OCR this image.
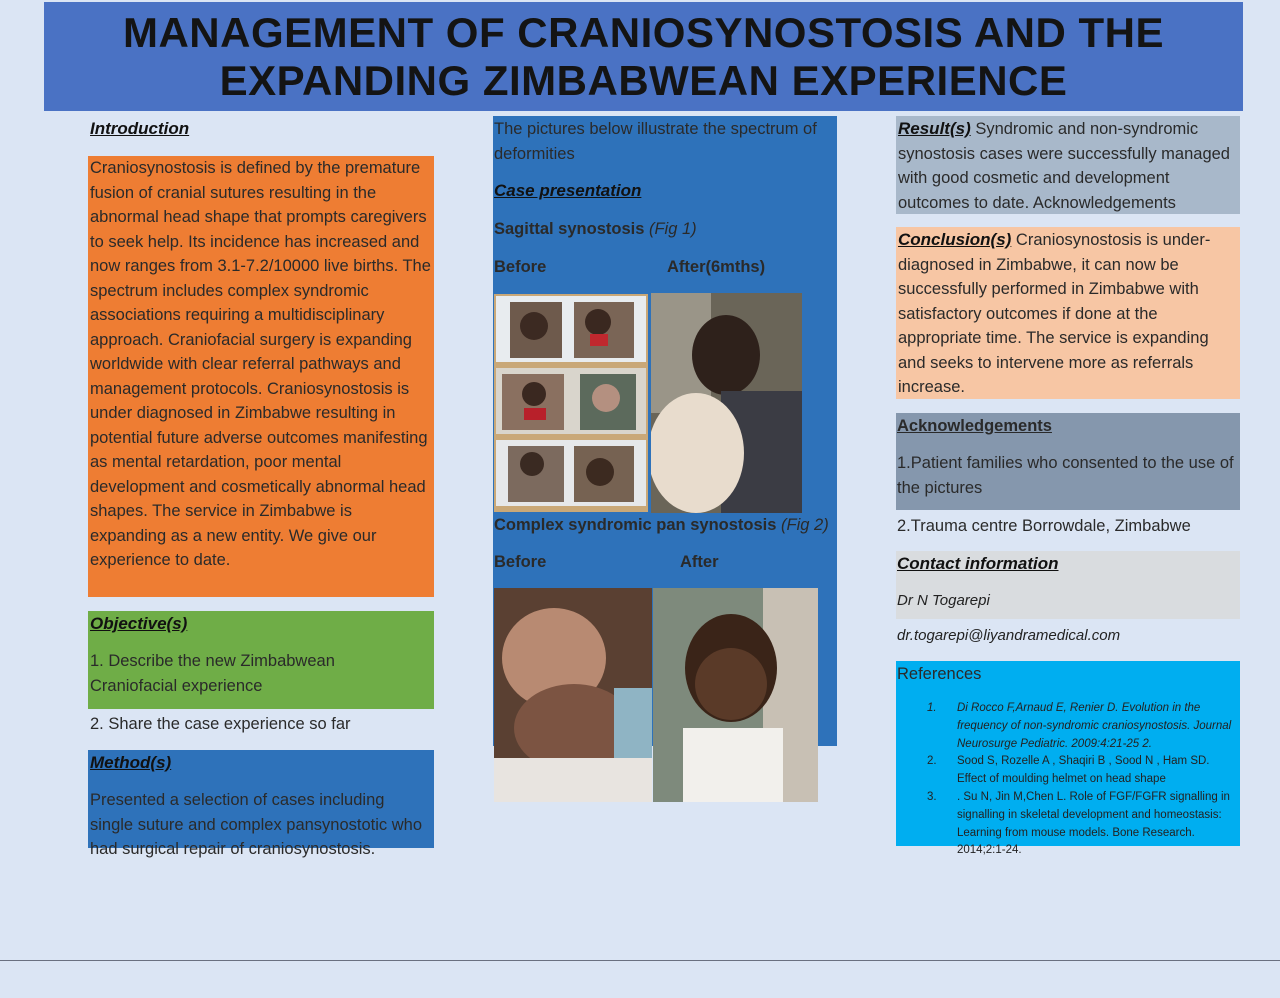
MANAGEMENT OF CRANIOSYNOSTOSIS AND THE
EXPANDING ZIMBABWEAN EXPERIENCE
Introduction
Craniosynostosis is defined by the premature fusion of cranial sutures resulting in the abnormal head shape that prompts caregivers to seek help. Its incidence has increased and now ranges from 3.1-7.2/10000 live births. The spectrum includes complex syndromic associations requiring a multidisciplinary approach. Craniofacial surgery is expanding worldwide with clear referral pathways and management protocols. Craniosynostosis is under diagnosed in Zimbabwe resulting in potential future adverse outcomes manifesting as mental retardation, poor mental development and cosmetically abnormal head shapes. The service in Zimbabwe is expanding as a new entity. We give our experience to date.
Objective(s)
1. Describe the new Zimbabwean Craniofacial experience
2. Share the case experience so far
Method(s)
Presented a selection of cases including single suture and complex pansynostotic who had surgical repair of craniosynostosis.
The pictures below illustrate the spectrum of deformities
Case presentation
Sagittal synostosis (Fig 1)
Before	After(6mths)
Complex syndromic pan synostosis (Fig 2)
Before	After
Result(s) Syndromic and non-syndromic synostosis cases were successfully managed with good cosmetic and development outcomes to date. Acknowledgements
Conclusion(s) Craniosynostosis is under-diagnosed in Zimbabwe, it can now be successfully performed in Zimbabwe with satisfactory outcomes if done at the appropriate time. The service is expanding and seeks to intervene more as referrals increase.
Acknowledgements
1.Patient families who consented to the use of the pictures
2.Trauma centre Borrowdale, Zimbabwe
Contact information
Dr N Togarepi
dr.togarepi@liyandramedical.com
References
1.	Di Rocco F,Arnaud E, Renier D. Evolution in the frequency of non-syndromic craniosynostosis. Journal Neurosurge Pediatric. 2009:4:21-25 2.
2.	Sood S, Rozelle A , Shaqiri B , Sood N , Ham SD. Effect of moulding helmet on head shape
3.	. Su N, Jin M,Chen L. Role of FGF/FGFR signalling in signalling in skeletal development and homeostasis: Learning from mouse models. Bone Research. 2014;2:1-24.
